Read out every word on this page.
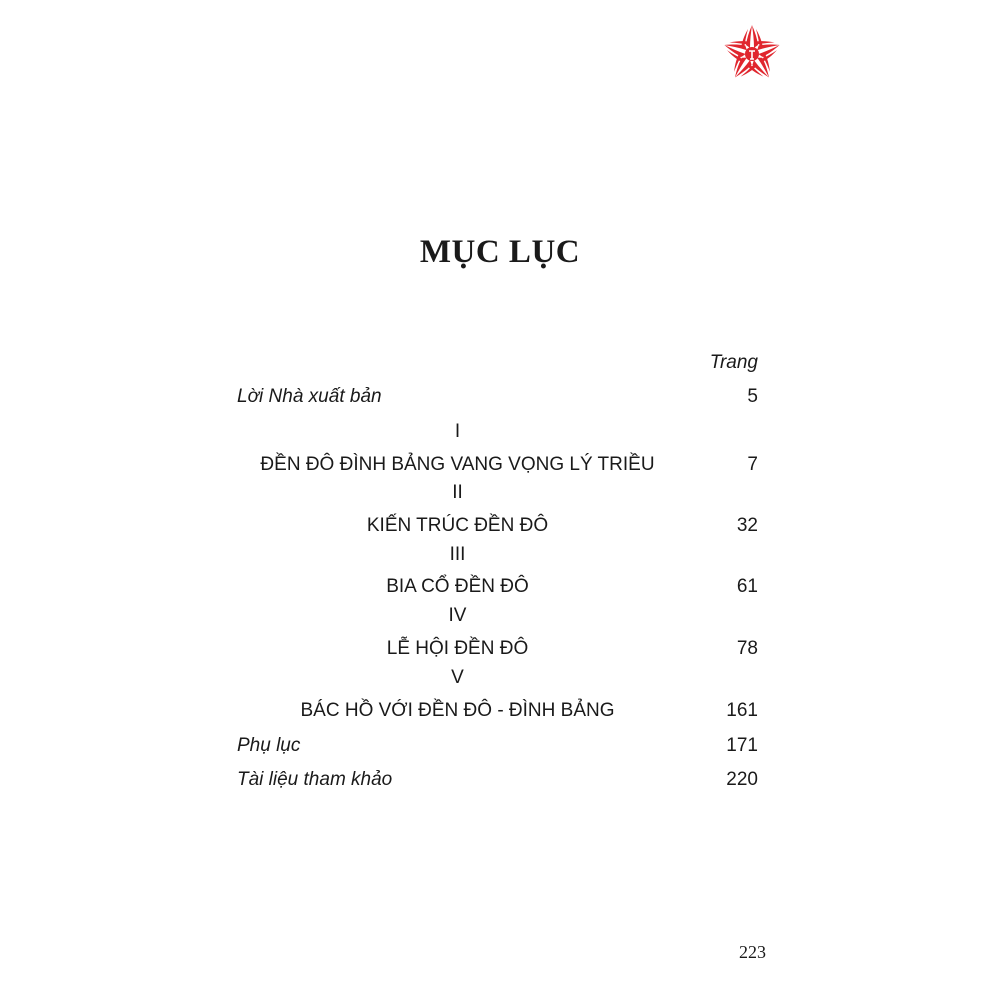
MỤC LỤC
Trang
Lời Nhà xuất bản	5
I
ĐỀN ĐÔ ĐÌNH BẢNG VANG VỌNG LÝ TRIỀU	7
II
KIẾN TRÚC ĐỀN ĐÔ	32
III
BIA CỔ ĐỀN ĐÔ	61
IV
LỄ HỘI ĐỀN ĐÔ	78
V
BÁC HỒ VỚI ĐỀN ĐÔ - ĐÌNH BẢNG	161
Phụ lục	171
Tài liệu tham khảo	220
223
